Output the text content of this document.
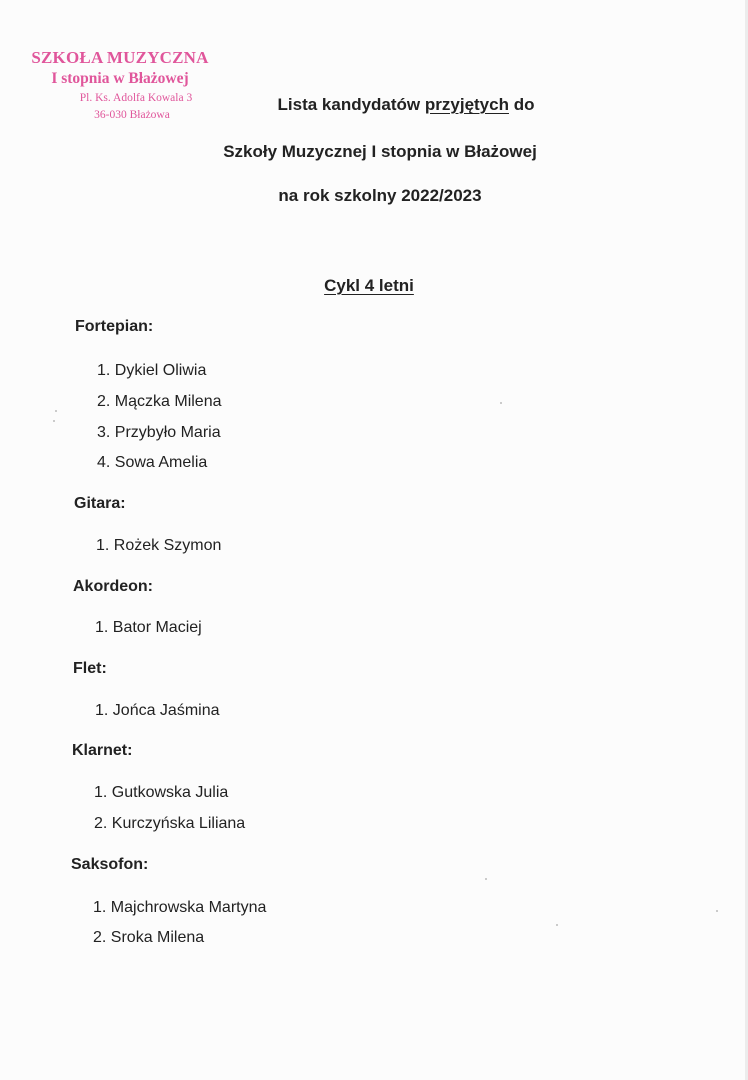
SZKOŁA MUZYCZNA
I stopnia w Błażowej
Pl. Ks. Adolfa Kowala 3
36-030 Błażowa
Lista kandydatów przyjętych do
Szkoły Muzycznej I stopnia w Błażowej
na rok szkolny 2022/2023
Cykl 4 letni
Fortepian:
1. Dykiel Oliwia
2. Mączka Milena
3. Przybyło Maria
4. Sowa Amelia
Gitara:
1. Rożek Szymon
Akordeon:
1. Bator Maciej
Flet:
1. Jońca Jaśmina
Klarnet:
1. Gutkowska Julia
2. Kurczyńska Liliana
Saksofon:
1. Majchrowska Martyna
2. Sroka Milena
